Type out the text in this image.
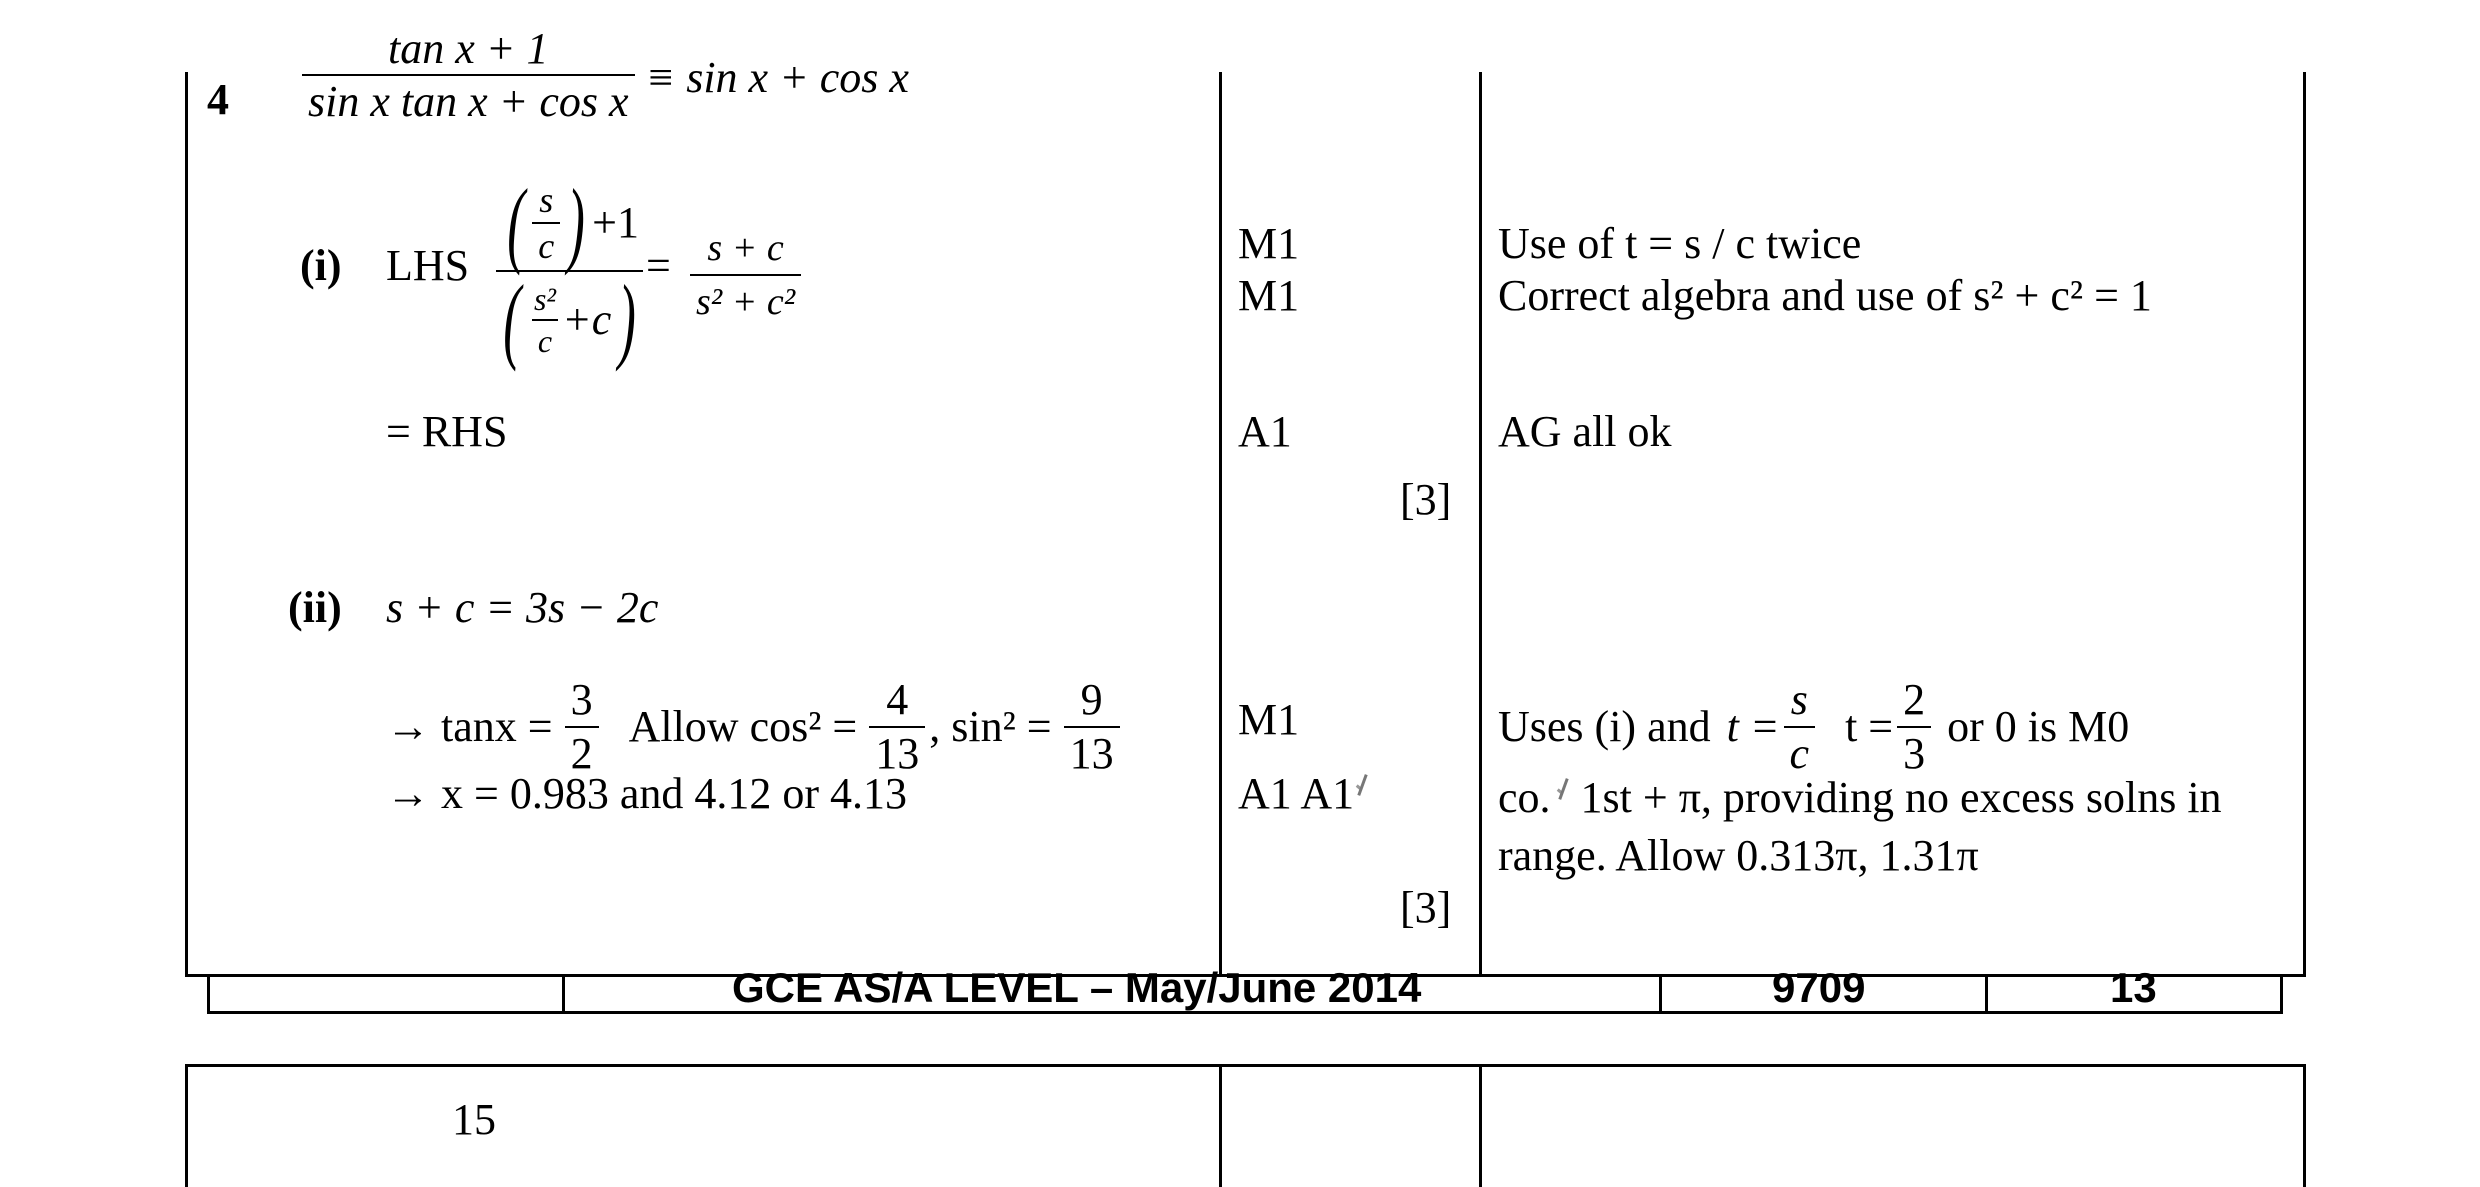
$4 \frac{\text{tan x + 1}}{\text{sin x tan x + cos x}} \equiv \sin x + \cos x$
(i) LHS $\frac{( \frac{s}{c} ) +1}{( \frac{\text{s²}}{c} +c )} = \frac{s + c}{\text{s² + c²}}$
= RHS
(ii) s + c = 3s − 2c
→ $\tan x = \frac{3}{2}$ Allow $\cos^2 = \frac{4}{13}$ , $\sin^2 = \frac{9}{13}$
→ x = 0.983 and 4.12 or 4.13
M1
M1
A1
[3]
M1
A1 A1
[3]
Use of t = s / c twice
Correct algebra and use of s² + c² = 1
AG all ok
Uses (i) and $t = \frac{s}{c}$ $t = \frac{2}{3}$ or 0 is M0
co. 1st + π, providing no excess solns in
range. Allow 0.313π, 1.31π
GCE AS/A LEVEL – May/June 2014	9709	13
15
